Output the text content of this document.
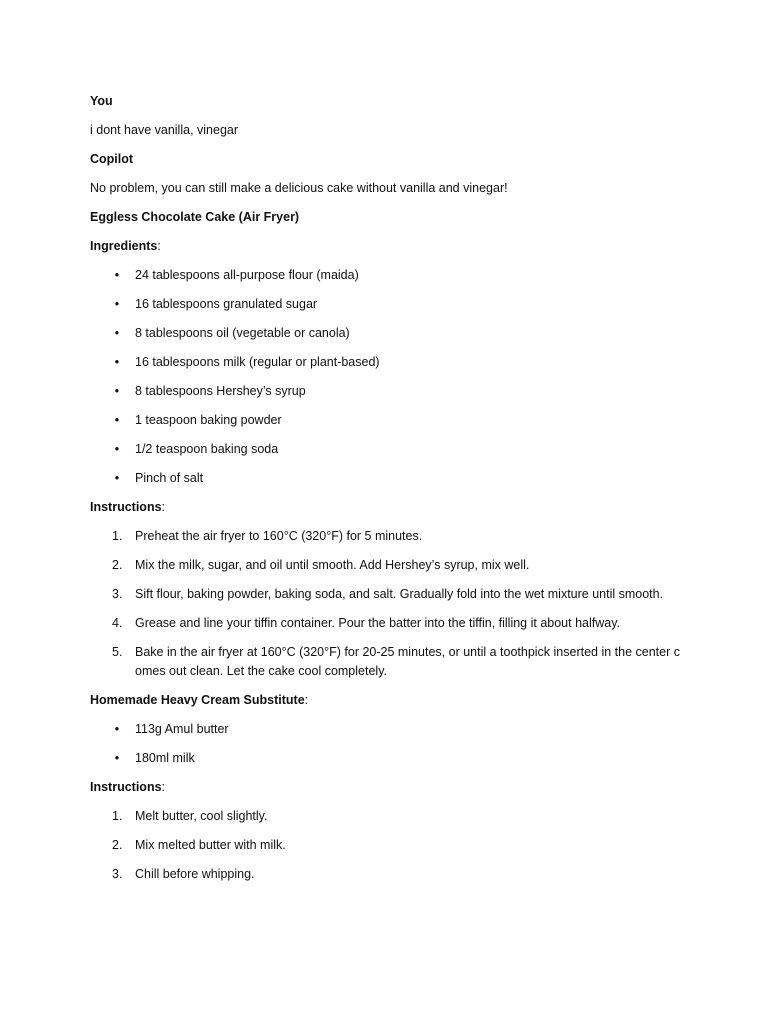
You
i dont have vanilla, vinegar
Copilot
No problem, you can still make a delicious cake without vanilla and vinegar!
Eggless Chocolate Cake (Air Fryer)
Ingredients:
• 24 tablespoons all-purpose flour (maida)
• 16 tablespoons granulated sugar
• 8 tablespoons oil (vegetable or canola)
• 16 tablespoons milk (regular or plant-based)
• 8 tablespoons Hershey’s syrup
• 1 teaspoon baking powder
• 1/2 teaspoon baking soda
• Pinch of salt
Instructions:
1.	Preheat the air fryer to 160°C (320°F) for 5 minutes.
2.	Mix the milk, sugar, and oil until smooth. Add Hershey’s syrup, mix well.
3.	Sift flour, baking powder, baking soda, and salt. Gradually fold into the wet mixture until smooth.
4.	Grease and line your tiffin container. Pour the batter into the tiffin, filling it about halfway.
5.	Bake in the air fryer at 160°C (320°F) for 20-25 minutes, or until a toothpick inserted in the center comes out clean. Let the cake cool completely.
Homemade Heavy Cream Substitute:
• 113g Amul butter
• 180ml milk
Instructions:
1.	Melt butter, cool slightly.
2.	Mix melted butter with milk.
3.	Chill before whipping.
